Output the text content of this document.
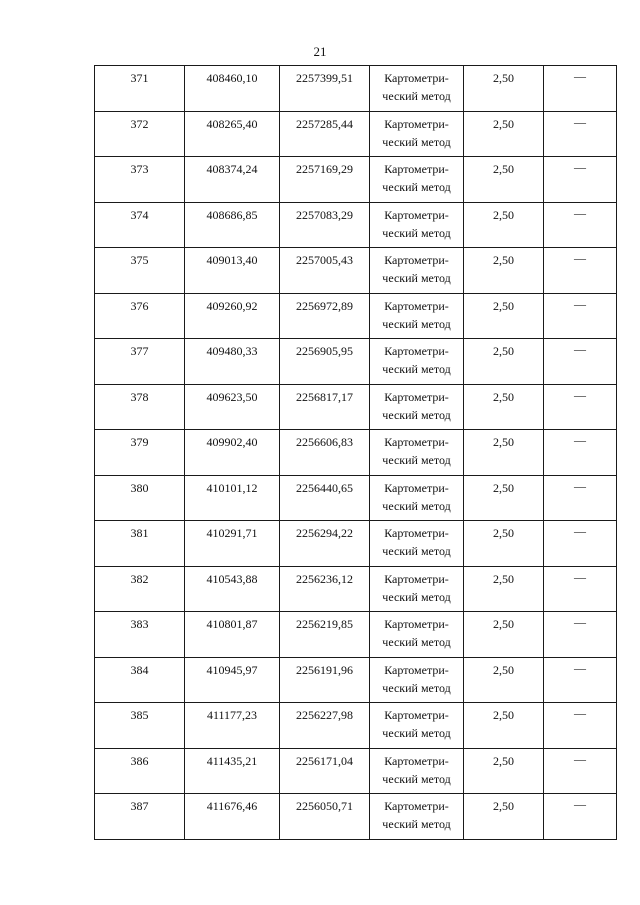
21
371	408460,10	2257399,51	Картометри-
ческий метод	2,50	—
372	408265,40	2257285,44	Картометри-
ческий метод	2,50	—
373	408374,24	2257169,29	Картометри-
ческий метод	2,50	—
374	408686,85	2257083,29	Картометри-
ческий метод	2,50	—
375	409013,40	2257005,43	Картометри-
ческий метод	2,50	—
376	409260,92	2256972,89	Картометри-
ческий метод	2,50	—
377	409480,33	2256905,95	Картометри-
ческий метод	2,50	—
378	409623,50	2256817,17	Картометри-
ческий метод	2,50	—
379	409902,40	2256606,83	Картометри-
ческий метод	2,50	—
380	410101,12	2256440,65	Картометри-
ческий метод	2,50	—
381	410291,71	2256294,22	Картометри-
ческий метод	2,50	—
382	410543,88	2256236,12	Картометри-
ческий метод	2,50	—
383	410801,87	2256219,85	Картометри-
ческий метод	2,50	—
384	410945,97	2256191,96	Картометри-
ческий метод	2,50	—
385	411177,23	2256227,98	Картометри-
ческий метод	2,50	—
386	411435,21	2256171,04	Картометри-
ческий метод	2,50	—
387	411676,46	2256050,71	Картометри-
ческий метод	2,50	—
